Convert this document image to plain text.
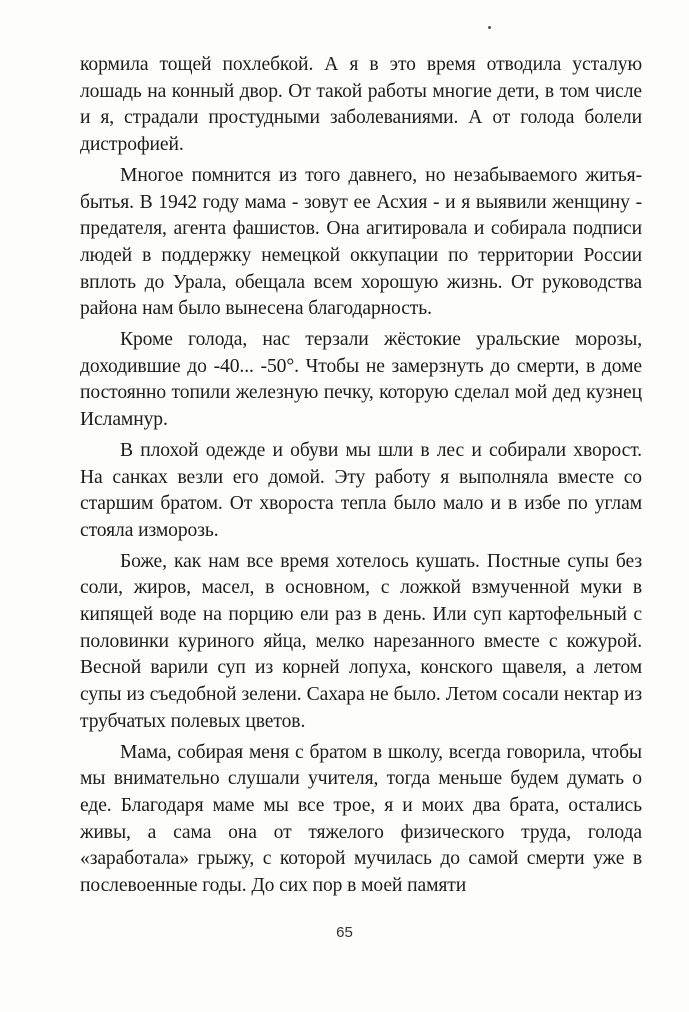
кормила тощей похлебкой. А я в это время отводила усталую лошадь на конный двор. От такой работы многие дети, в том числе и я, страдали простудными заболеваниями. А от голода болели дистрофией.

Многое помнится из того давнего, но незабываемого житья-бытья. В 1942 году мама - зовут ее Асхия - и я выявили женщину - предателя, агента фашистов. Она агитировала и собирала подписи людей в поддержку немецкой оккупации по территории России вплоть до Урала, обещала всем хорошую жизнь. От руководства района нам было вынесена благодарность.

Кроме голода, нас терзали жёстокие уральские морозы, доходившие до -40... -50°. Чтобы не замерзнуть до смерти, в доме постоянно топили железную печку, которую сделал мой дед кузнец Исламнур.

В плохой одежде и обуви мы шли в лес и собирали хворост. На санках везли его домой. Эту работу я выполняла вместе со старшим братом. От хвороста тепла было мало и в избе по углам стояла изморозь.

Боже, как нам все время хотелось кушать. Постные супы без соли, жиров, масел, в основном, с ложкой взмученной муки в кипящей воде на порцию ели раз в день. Или суп картофельный с половинки куриного яйца, мелко нарезанного вместе с кожурой. Весной варили суп из корней лопуха, конского щавеля, а летом супы из съедобной зелени. Сахара не было. Летом сосали нектар из трубчатых полевых цветов.

Мама, собирая меня с братом в школу, всегда говорила, чтобы мы внимательно слушали учителя, тогда меньше будем думать о еде. Благодаря маме мы все трое, я и моих два брата, остались живы, а сама она от тяжелого физического труда, голода «заработала» грыжу, с которой мучилась до самой смерти уже в послевоенные годы. До сих пор в моей памяти

65
